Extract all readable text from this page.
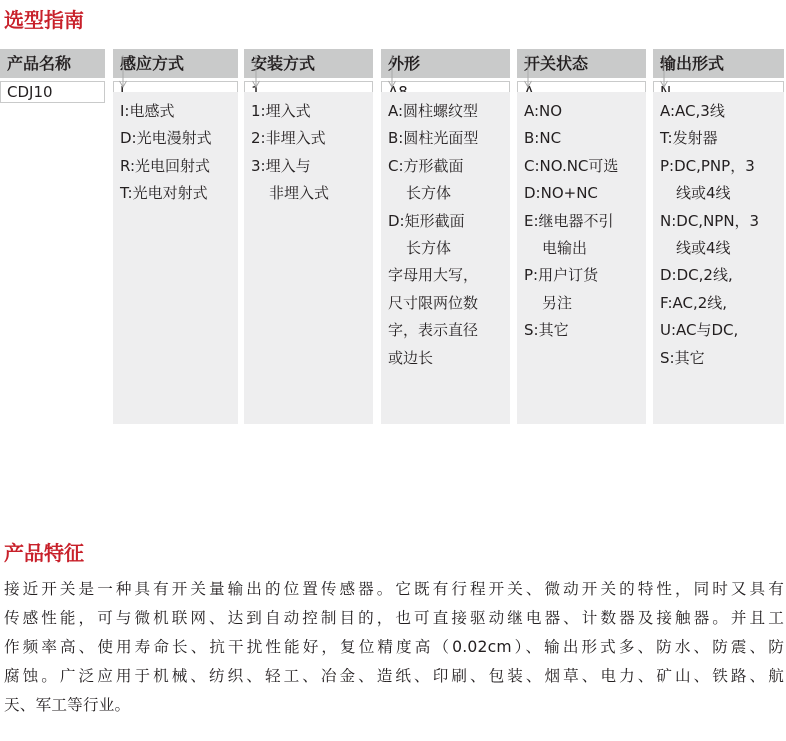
选型指南
产品名称
CDJ10
感应方式
I:电感式
D:光电漫射式
R:光电回射式
T:光电对射式
安装方式
1:埋入式
2:非埋入式
3:埋入与
非埋入式
外形
A:圆柱螺纹型
B:圆柱光面型
C:方形截面
长方体
D:矩形截面
长方体
字母用大写，
尺寸限两位数
字，表示直径
或边长
开关状态
A:NO
B:NC
C:NO.NC可选
D:NO+NC
E:继电器不引
电输出
P:用户订货
另注
S:其它
输出形式
A:AC,3线
T:发射器
P:DC,PNP，3
线或4线
N:DC,NPN，3
线或4线
D:DC,2线,
F:AC,2线,
U:AC与DC,
S:其它
产品特征
接近开关是一种具有开关量输出的位置传感器。它既有行程开关、微动开关的特性，同时又具有
传感性能，可与微机联网、达到自动控制目的，也可直接驱动继电器、计数器及接触器。并且工
作频率高、使用寿命长、抗干扰性能好，复位精度高（0.02cm）、输出形式多、防水、防震、防
腐蚀。广泛应用于机械、纺织、轻工、冶金、造纸、印刷、包装、烟草、电力、矿山、铁路、航
天、军工等行业。
